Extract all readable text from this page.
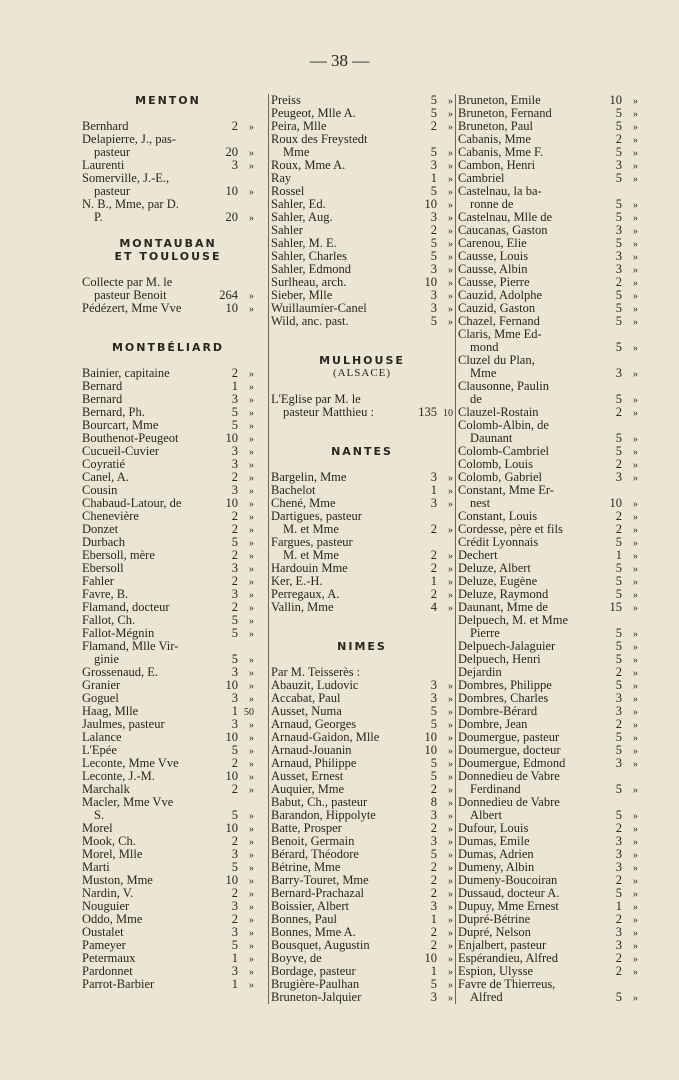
— 38 —
MENTON
Bernhard	2	»
Delapierre, J., pas-
pasteur	20	»
Laurenti	3	»
Somerville, J.-E.,
pasteur	10	»
N. B., Mme, par D.
P.	20	»
MONTAUBAN
ET TOULOUSE
Collecte par M. le
pasteur Benoit	264	»
Pédézert, Mme Vve	10	»
MONTBÉLIARD
Bainier, capitaine	2	»
Bernard	1	»
Bernard	3	»
Bernard, Ph.	5	»
Bourcart, Mme	5	»
Bouthenot-Peugeot	10	»
Cucueil-Cuvier	3	»
Coyratié	3	»
Canel, A.	2	»
Cousin	3	»
Chabaud-Latour, de	10	»
Chenevière	2	»
Donzet	2	»
Durbach	5	»
Ebersoll, mère	2	»
Ebersoll	3	»
Fahler	2	»
Favre, B.	3	»
Flamand, docteur	2	»
Fallot, Ch.	5	»
Fallot-Mégnin	5	»
Flamand, Mlle Vir-
ginie	5	»
Grossenaud, E.	3	»
Granier	10	»
Goguel	3	»
Haag, Mlle	1 50
Jaulmes, pasteur	3	»
Lalance	10	»
L'Epée	5	»
Leconte, Mme Vve	2	»
Leconte, J.-M.	10	»
Marchalk	2	»
Macler, Mme Vve
S.	5	»
Morel	10	»
Mook, Ch.	2	»
Morel, Mlle	3	»
Marti	5	»
Muston, Mme	10	»
Nardin, V.	2	»
Nouguier	3	»
Oddo, Mme	2	»
Oustalet	3	»
Pameyer	5	»
Petermaux	1	»
Pardonnet	3	»
Parrot-Barbier	1	»
Preiss	5	»
Peugeot, Mlle A.	5	»
Peira, Mlle	2	»
Roux des Freystedt
Mme	5	»
Roux, Mme A.	3	»
Ray	1	»
Rossel	5	»
Sahler, Ed.	10	»
Sahler, Aug.	3	»
Sahler	2	»
Sahler, M. E.	5	»
Sahler, Charles	5	»
Sahler, Edmond	3	»
Surlheau, arch.	10	»
Sieber, Mlle	3	»
Wuillaumier-Canel	3	»
Wild, anc. past.	5	»
MULHOUSE
(ALSACE)
L'Eglise par M. le
pasteur Matthieu :	135 10
NANTES
Bargelin, Mme	3	»
Bachelot	1	»
Chené, Mme	3	»
Dartigues, pasteur
M. et Mme	2	»
Fargues, pasteur
M. et Mme	2	»
Hardouin Mme	2	»
Ker, E.-H.	1	»
Perregaux, A.	2	»
Vallin, Mme	4	»
NIMES
Par M. Teisserès :
Abauzit, Ludovic	3	»
Accabat, Paul	3	»
Ausset, Numa	5	»
Arnaud, Georges	5	»
Arnaud-Gaidon, Mlle	10	»
Arnaud-Jouanin	10	»
Arnaud, Philippe	5	»
Ausset, Ernest	5	»
Auquier, Mme	2	»
Babut, Ch., pasteur	8	»
Barandon, Hippolyte	3	»
Batte, Prosper	2	»
Benoit, Germain	3	»
Bérard, Théodore	5	»
Bétrine, Mme	2	»
Barry-Touret, Mme	2	»
Bernard-Prachazal	2	»
Boissier, Albert	3	»
Bonnes, Paul	1	»
Bonnes, Mme A.	2	»
Bousquet, Augustin	2	»
Boyve, de	10	»
Bordage, pasteur	1	»
Brugière-Paulhan	5	»
Bruneton-Jalquier	3	»
Bruneton, Emile	10	»
Bruneton, Fernand	5	»
Bruneton, Paul	5	»
Cabanis, Mme	2	»
Cabanis, Mme F.	5	»
Cambon, Henri	3	»
Cambriel	5	»
Castelnau, la ba-
ronne de	5	»
Castelnau, Mlle de	5	»
Caucanas, Gaston	3	»
Carenou, Elie	5	»
Causse, Louis	3	»
Causse, Albin	3	»
Causse, Pierre	2	»
Cauzid, Adolphe	5	»
Cauzid, Gaston	5	»
Chazel, Fernand	5	»
Claris, Mme Ed-
mond	5	»
Cluzel du Plan,
Mme	3	»
Clausonne, Paulin
de	5	»
Clauzel-Rostain	2	»
Colomb-Albin, de
Daunant	5	»
Colomb-Cambriel	5	»
Colomb, Louis	2	»
Colomb, Gabriel	3	»
Constant, Mme Er-
nest	10	»
Constant, Louis	2	»
Cordesse, père et fils	2	»
Crédit Lyonnais	5	»
Dechert	1	»
Deluze, Albert	5	»
Deluze, Eugène	5	»
Deluze, Raymond	5	»
Daunant, Mme de	15	»
Delpuech, M. et Mme
Pierre	5	»
Delpuech-Jalaguier	5	»
Delpuech, Henri	5	»
Dejardin	2	»
Dombres, Philippe	5	»
Dombres, Charles	3	»
Dombre-Bérard	3	»
Dombre, Jean	2	»
Doumergue, pasteur	5	»
Doumergue, docteur	5	»
Doumergue, Edmond	3	»
Donnedieu de Vabre
Ferdinand	5	»
Donnedieu de Vabre
Albert	5	»
Dufour, Louis	2	»
Dumas, Emile	3	»
Dumas, Adrien	3	»
Dumeny, Albin	3	»
Dumeny-Boucoiran	2	»
Dussaud, docteur A.	5	»
Dupuy, Mme Ernest	1	»
Dupré-Bétrine	2	»
Dupré, Nelson	3	»
Enjalbert, pasteur	3	»
Espérandieu, Alfred	2	»
Espion, Ulysse	2	»
Favre de Thierreus,
Alfred	5	»
